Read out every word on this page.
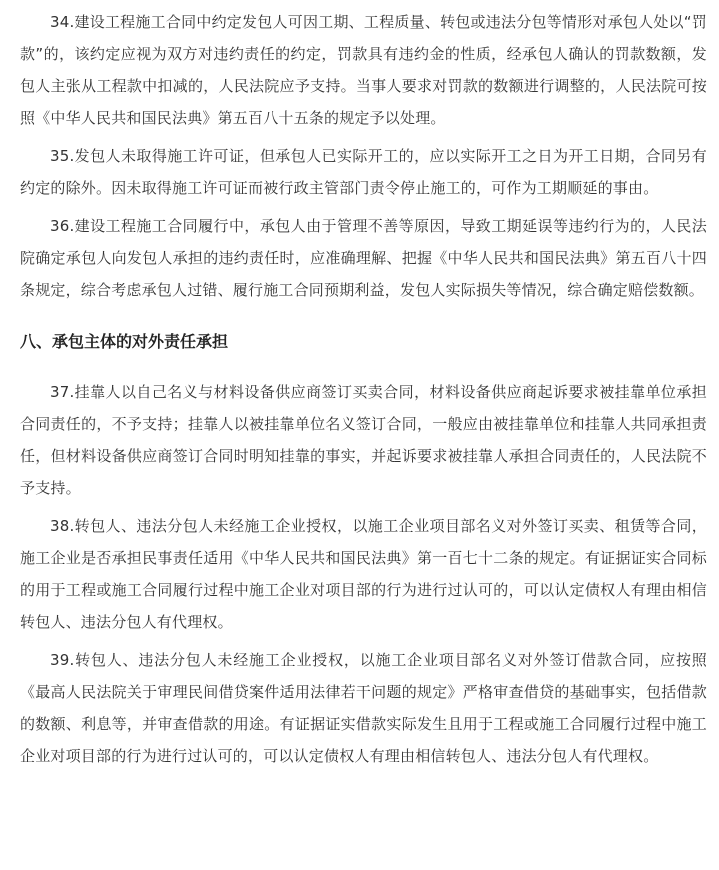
34.建设工程施工合同中约定发包人可因工期、工程质量、转包或违法分包等情形对承包人处以“罚款”的，该约定应视为双方对违约责任的约定，罚款具有违约金的性质，经承包人确认的罚款数额，发包人主张从工程款中扣减的，人民法院应予支持。当事人要求对罚款的数额进行调整的，人民法院可按照《中华人民共和国民法典》第五百八十五条的规定予以处理。

35.发包人未取得施工许可证，但承包人已实际开工的，应以实际开工之日为开工日期，合同另有约定的除外。因未取得施工许可证而被行政主管部门责令停止施工的，可作为工期顺延的事由。

36.建设工程施工合同履行中，承包人由于管理不善等原因，导致工期延误等违约行为的，人民法院确定承包人向发包人承担的违约责任时，应准确理解、把握《中华人民共和国民法典》第五百八十四条规定，综合考虑承包人过错、履行施工合同预期利益，发包人实际损失等情况，综合确定赔偿数额。

八、承包主体的对外责任承担

37.挂靠人以自己名义与材料设备供应商签订买卖合同，材料设备供应商起诉要求被挂靠单位承担合同责任的，不予支持；挂靠人以被挂靠单位名义签订合同，一般应由被挂靠单位和挂靠人共同承担责任，但材料设备供应商签订合同时明知挂靠的事实，并起诉要求被挂靠人承担合同责任的，人民法院不予支持。

38.转包人、违法分包人未经施工企业授权，以施工企业项目部名义对外签订买卖、租赁等合同，施工企业是否承担民事责任适用《中华人民共和国民法典》第一百七十二条的规定。有证据证实合同标的用于工程或施工合同履行过程中施工企业对项目部的行为进行过认可的，可以认定债权人有理由相信转包人、违法分包人有代理权。

39.转包人、违法分包人未经施工企业授权，以施工企业项目部名义对外签订借款合同，应按照《最高人民法院关于审理民间借贷案件适用法律若干问题的规定》严格审查借贷的基础事实，包括借款的数额、利息等，并审查借款的用途。有证据证实借款实际发生且用于工程或施工合同履行过程中施工企业对项目部的行为进行过认可的，可以认定债权人有理由相信转包人、违法分包人有代理权。
